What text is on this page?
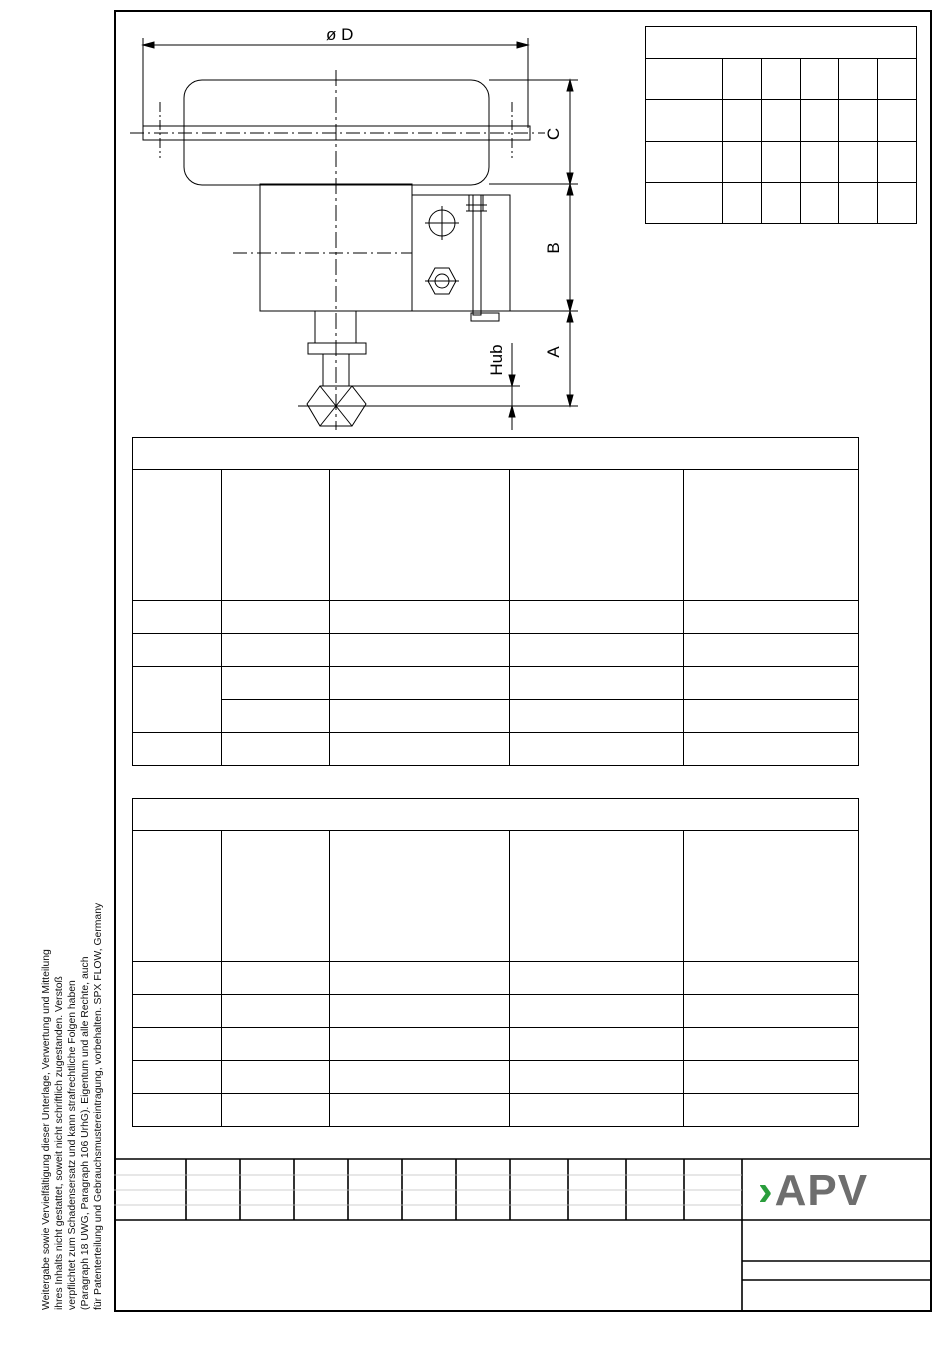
ø D
C
B
A
Hub

› APV
Weitergabe sowie Vervielfältigung dieser Unterlage, Verwertung und Mitteilung ihres Inhalts nicht gestattet, soweit nicht schriftlich zugestanden. Verstoß verpflichtet zum Schadensersatz und kann strafrechtliche Folgen haben (Paragraph 18 UWG, Paragraph 106 UrhG). Eigentum und alle Rechte, auch für Patenterteilung und Gebrauchsmustereintragung, vorbehalten. SPX FLOW, Germany
